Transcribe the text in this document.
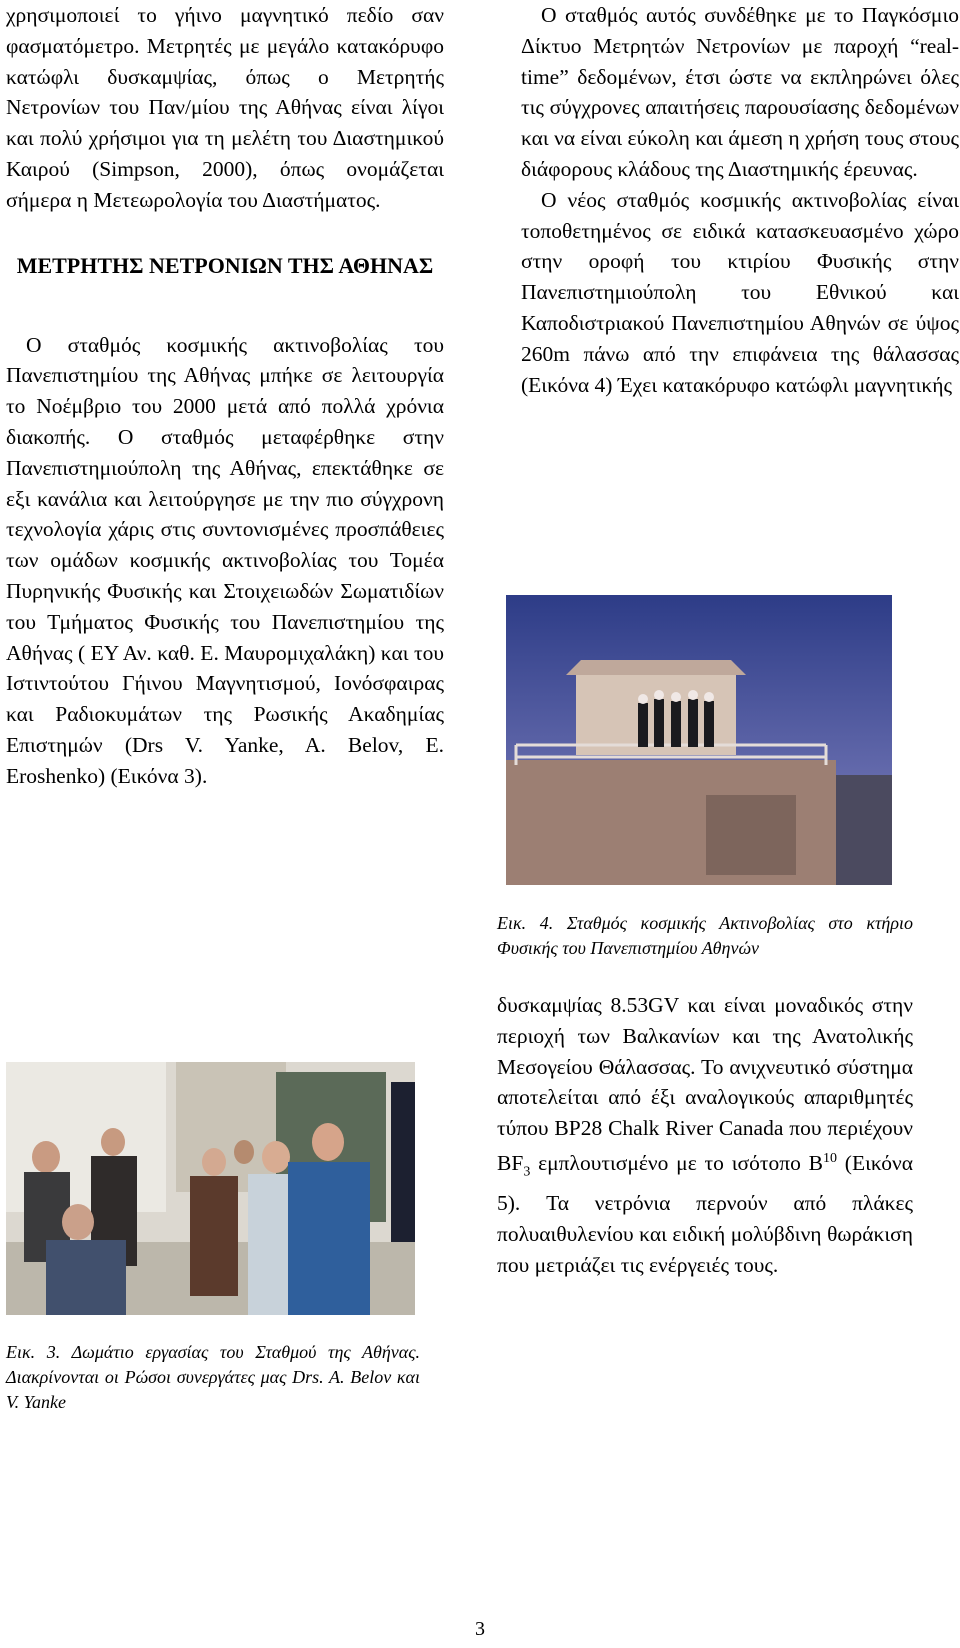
χρησιμοποιεί το γήινο μαγνητικό πεδίο σαν φασματόμετρο. Μετρητές με μεγάλο κατακόρυφο κατώφλι δυσκαμψίας, όπως ο Μετρητής Νετρονίων του Παν/μίου της Αθήνας είναι λίγοι και πολύ χρήσιμοι για τη μελέτη του Διαστημικού Καιρού (Simpson, 2000), όπως ονομάζεται σήμερα η Μετεωρολογία του Διαστήματος.

ΜΕΤΡΗΤΗΣ ΝΕΤΡΟΝΙΩΝ ΤΗΣ ΑΘΗΝΑΣ

Ο σταθμός κοσμικής ακτινοβολίας του Πανεπιστημίου της Αθήνας μπήκε σε λειτουργία το Νοέμβριο του 2000 μετά από πολλά χρόνια διακοπής. Ο σταθμός μεταφέρθηκε στην Πανεπιστημιούπολη της Αθήνας, επεκτάθηκε σε εξι κανάλια και λειτούργησε με την πιο σύγχρονη τεχνολογία χάρις στις συντονισμένες προσπάθειες των ομάδων κοσμικής ακτινοβολίας του Τομέα Πυρηνικής Φυσικής και Στοιχειωδών Σωματιδίων του Τμήματος Φυσικής του Πανεπιστημίου της Αθήνας ( ΕΥ Αν. καθ. Ε. Μαυρομιχαλάκη) και του Ιστιντούτου Γήινου Μαγνητισμού, Ιονόσφαιρας και Ραδιοκυμάτων της Ρωσικής Ακαδημίας Επιστημών (Drs V. Yanke, A. Belov, E. Eroshenko) (Εικόνα 3).

Εικ. 3. Δωμάτιο εργασίας του Σταθμού της Αθήνας. Διακρίνονται οι Ρώσοι συνεργάτες μας Drs. A. Belov και V. Yanke

Ο σταθμός αυτός συνδέθηκε με το Παγκόσμιο Δίκτυο Μετρητών Νετρονίων με παροχή “real-time” δεδομένων, έτσι ώστε να εκπληρώνει όλες τις σύγχρονες απαιτήσεις παρουσίασης δεδομένων και να είναι εύκολη και άμεση η χρήση τους στους διάφορους κλάδους της Διαστημικής έρευνας.

Ο νέος σταθμός κοσμικής ακτινοβολίας είναι τοποθετημένος σε ειδικά κατασκευασμένο χώρο στην οροφή του κτιρίου Φυσικής στην Πανεπιστημιούπολη του Εθνικού και Καποδιστριακού Πανεπιστημίου Αθηνών σε ύψος 260m πάνω από την επιφάνεια της θάλασσας (Εικόνα 4) Έχει κατακόρυφο κατώφλι μαγνητικής

Εικ. 4. Σταθμός κοσμικής Ακτινοβολίας στο κτήριο Φυσικής του Πανεπιστημίου Αθηνών

δυσκαμψίας 8.53GV και είναι μοναδικός στην περιοχή των Βαλκανίων και της Ανατολικής Μεσογείου Θάλασσας. Το ανιχνευτικό σύστημα αποτελείται από έξι αναλογικούς απαριθμητές τύπου BP28 Chalk River Canada που περιέχουν $BF_3$ εμπλουτισμένο με το ισότοπο $B^{10}$ (Εικόνα 5). Τα νετρόνια περνούν από πλάκες πολυαιθυλενίου και ειδική μολύβδινη θωράκιση που μετριάζει τις ενέργειές τους.

3
